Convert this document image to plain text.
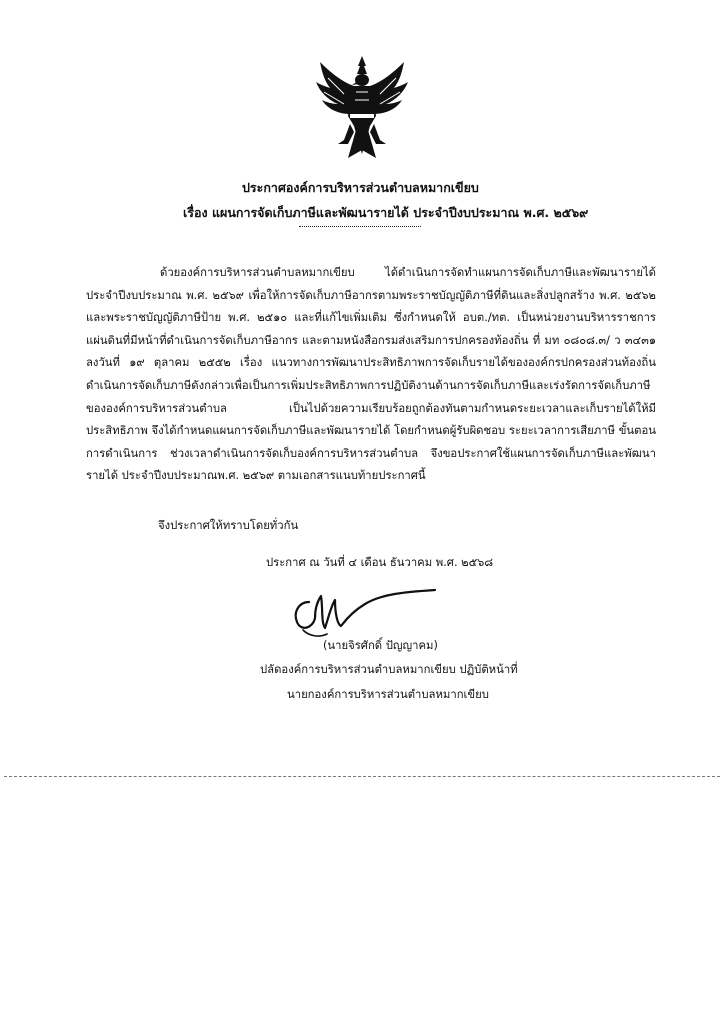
ประกาศองค์การบริหารส่วนตำบลหมากเขียบ
เรื่อง แผนการจัดเก็บภาษีและพัฒนารายได้ ประจำปีงบประมาณ พ.ศ. ๒๕๖๙
ด้วยองค์การบริหารส่วนตำบลหมากเขียบ ได้ดำเนินการจัดทำแผนการจัดเก็บภาษีและพัฒนารายได้ ประจำปีงบประมาณ พ.ศ. ๒๕๖๙ เพื่อให้การจัดเก็บภาษีอากรตามพระราชบัญญัติภาษีที่ดินและสิ่งปลูกสร้าง พ.ศ. ๒๕๖๒ และพระราชบัญญัติภาษีป้าย พ.ศ. ๒๕๑๐ และที่แก้ไขเพิ่มเติม ซึ่งกำหนดให้ อบต./ทต. เป็นหน่วยงานบริหารราชการแผ่นดินที่มีหน้าที่ดำเนินการจัดเก็บภาษีอากร และตามหนังสือกรมส่งเสริมการปกครองท้องถิ่น ที่ มท ๐๘๐๘.๓/ ว ๓๔๓๑ ลงวันที่ ๑๙ ตุลาคม ๒๕๕๒ เรื่อง แนวทางการพัฒนาประสิทธิภาพการจัดเก็บรายได้ขององค์กรปกครองส่วนท้องถิ่น ดำเนินการจัดเก็บภาษีดังกล่าวเพื่อเป็นการเพิ่มประสิทธิภาพการปฏิบัติงานด้านการจัดเก็บภาษีและเร่งรัดการจัดเก็บภาษีขององค์การบริหารส่วนตำบล เป็นไปด้วยความเรียบร้อยถูกต้องทันตามกำหนดระยะเวลาและเก็บรายได้ให้มีประสิทธิภาพ จึงได้กำหนดแผนการจัดเก็บภาษีและพัฒนารายได้ โดยกำหนดผู้รับผิดชอบ ระยะเวลาการเสียภาษี ขั้นตอนการดำเนินการ ช่วงเวลาดำเนินการจัดเก็บองค์การบริหารส่วนตำบล จึงขอประกาศใช้แผนการจัดเก็บภาษีและพัฒนารายได้ ประจำปีงบประมาณพ.ศ. ๒๕๖๙ ตามเอกสารแนบท้ายประกาศนี้
จึงประกาศให้ทราบโดยทั่วกัน
ประกาศ ณ วันที่ ๔ เดือน ธันวาคม พ.ศ. ๒๕๖๘
(นายจิรศักดิ์ ปัญญาคม)
ปลัดองค์การบริหารส่วนตำบลหมากเขียบ ปฏิบัติหน้าที่
นายกองค์การบริหารส่วนตำบลหมากเขียบ
